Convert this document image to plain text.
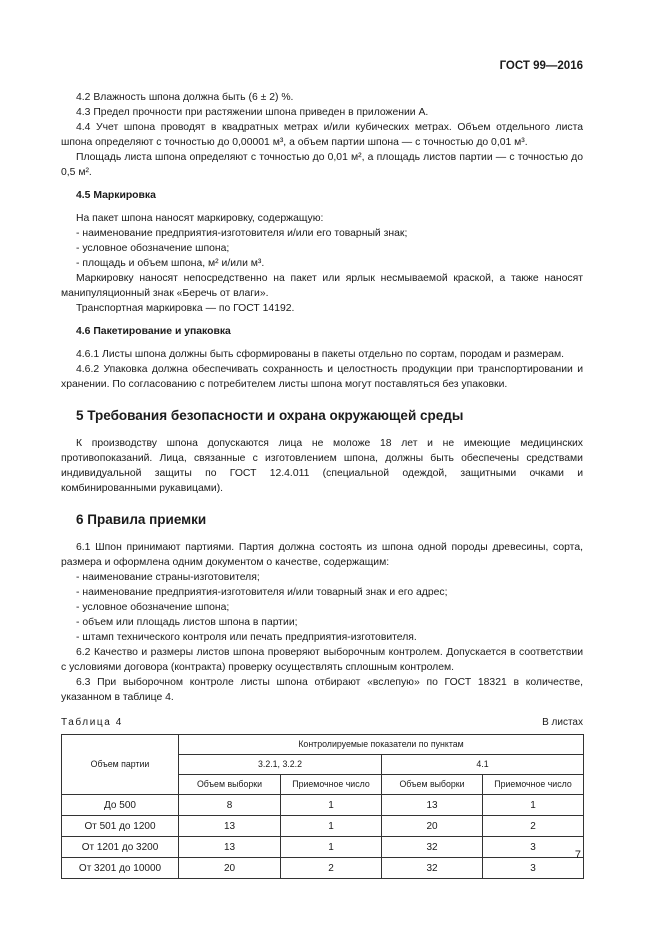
ГОСТ 99—2016

4.2 Влажность шпона должна быть (6 ± 2) %.

4.3 Предел прочности при растяжении шпона приведен в приложении А.

4.4 Учет шпона проводят в квадратных метрах и/или кубических метрах. Объем отдельного листа шпона определяют с точностью до 0,00001 м³, а объем партии шпона — с точностью до 0,01 м³.

Площадь листа шпона определяют с точностью до 0,01 м², а площадь листов партии — с точностью до 0,5 м².

4.5 Маркировка

На пакет шпона наносят маркировку, содержащую:

- наименование предприятия-изготовителя и/или его товарный знак;

- условное обозначение шпона;

- площадь и объем шпона, м² и/или м³.

Маркировку наносят непосредственно на пакет или ярлык несмываемой краской, а также наносят манипуляционный знак «Беречь от влаги».

Транспортная маркировка — по ГОСТ 14192.

4.6 Пакетирование и упаковка

4.6.1 Листы шпона должны быть сформированы в пакеты отдельно по сортам, породам и размерам.

4.6.2 Упаковка должна обеспечивать сохранность и целостность продукции при транспортировании и хранении. По согласованию с потребителем листы шпона могут поставляться без упаковки.

5 Требования безопасности и охрана окружающей среды

К производству шпона допускаются лица не моложе 18 лет и не имеющие медицинских противопоказаний. Лица, связанные с изготовлением шпона, должны быть обеспечены средствами индивидуальной защиты по ГОСТ 12.4.011 (специальной одеждой, защитными очками и комбинированными рукавицами).

6 Правила приемки

6.1 Шпон принимают партиями. Партия должна состоять из шпона одной породы древесины, сорта, размера и оформлена одним документом о качестве, содержащим:

- наименование страны-изготовителя;

- наименование предприятия-изготовителя и/или товарный знак и его адрес;

- условное обозначение шпона;

- объем или площадь листов шпона в партии;

- штамп технического контроля или печать предприятия-изготовителя.

6.2 Качество и размеры листов шпона проверяют выборочным контролем. Допускается в соответствии с условиями договора (контракта) проверку осуществлять сплошным контролем.

6.3 При выборочном контроле листы шпона отбирают «вслепую» по ГОСТ 18321 в количестве, указанном в таблице 4.

Таблица 4	В листах
Объем партии	Контролируемые показатели по пунктам			
	3.2.1, 3.2.2		4.1	
	Объем выборки	Приемочное число	Объем выборки	Приемочное число
До 500	8	1	13	1
От 501 до 1200	13	1	20	2
От 1201 до 3200	13	1	32	3
От 3201 до 10000	20	2	32	3
7
